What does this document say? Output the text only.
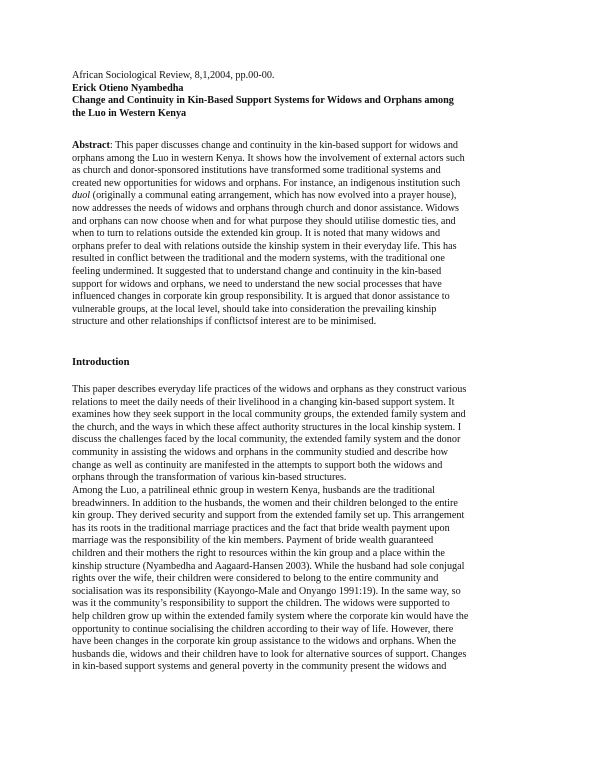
African Sociological Review, 8,1,2004, pp.00-00.
Erick Otieno Nyambedha
Change and Continuity in Kin-Based Support Systems for Widows and Orphans among
the Luo in Western Kenya
Abstract: This paper discusses change and continuity in the kin-based support for widows and
orphans among the Luo in western Kenya. It shows how the involvement of external actors such
as church and donor-sponsored institutions have transformed some traditional systems and
created new opportunities for widows and orphans. For instance, an indigenous institution such
duol (originally a communal eating arrangement, which has now evolved into a prayer house),
now addresses the needs of widows and orphans through church and donor assistance. Widows
and orphans can now choose when and for what purpose they should utilise domestic ties, and
when to turn to relations outside the extended kin group. It is noted that many widows and
orphans prefer to deal with relations outside the kinship system in their everyday life. This has
resulted in conflict between the traditional and the modern systems, with the traditional one
feeling undermined. It suggested that to understand change and continuity in the kin-based
support for widows and orphans, we need to understand the new social processes that have
influenced changes in corporate kin group responsibility. It is argued that donor assistance to
vulnerable groups, at the local level, should take into consideration the prevailing kinship
structure and other relationships if conflictsof interest are to be minimised.
Introduction
This paper describes everyday life practices of the widows and orphans as they construct various
relations to meet the daily needs of their livelihood in a changing kin-based support system. It
examines how they seek support in the local community groups, the extended family system and
the church, and the ways in which these affect authority structures in the local kinship system. I
discuss the challenges faced by the local community, the extended family system and the donor
community in assisting the widows and orphans in the community studied and describe how
change as well as continuity are manifested in the attempts to support both the widows and
orphans through the transformation of various kin-based structures.
Among the Luo, a patrilineal ethnic group in western Kenya, husbands are the traditional
breadwinners. In addition to the husbands, the women and their children belonged to the entire
kin group. They derived security and support from the extended family set up. This arrangement
has its roots in the traditional marriage practices and the fact that bride wealth payment upon
marriage was the responsibility of the kin members. Payment of bride wealth guaranteed
children and their mothers the right to resources within the kin group and a place within the
kinship structure (Nyambedha and Aagaard-Hansen 2003). While the husband had sole conjugal
rights over the wife, their children were considered to belong to the entire community and
socialisation was its responsibility (Kayongo-Male and Onyango 1991:19). In the same way, so
was it the community’s responsibility to support the children. The widows were supported to
help children grow up within the extended family system where the corporate kin would have the
opportunity to continue socialising the children according to their way of life. However, there
have been changes in the corporate kin group assistance to the widows and orphans. When the
husbands die, widows and their children have to look for alternative sources of support. Changes
in kin-based support systems and general poverty in the community present the widows and
